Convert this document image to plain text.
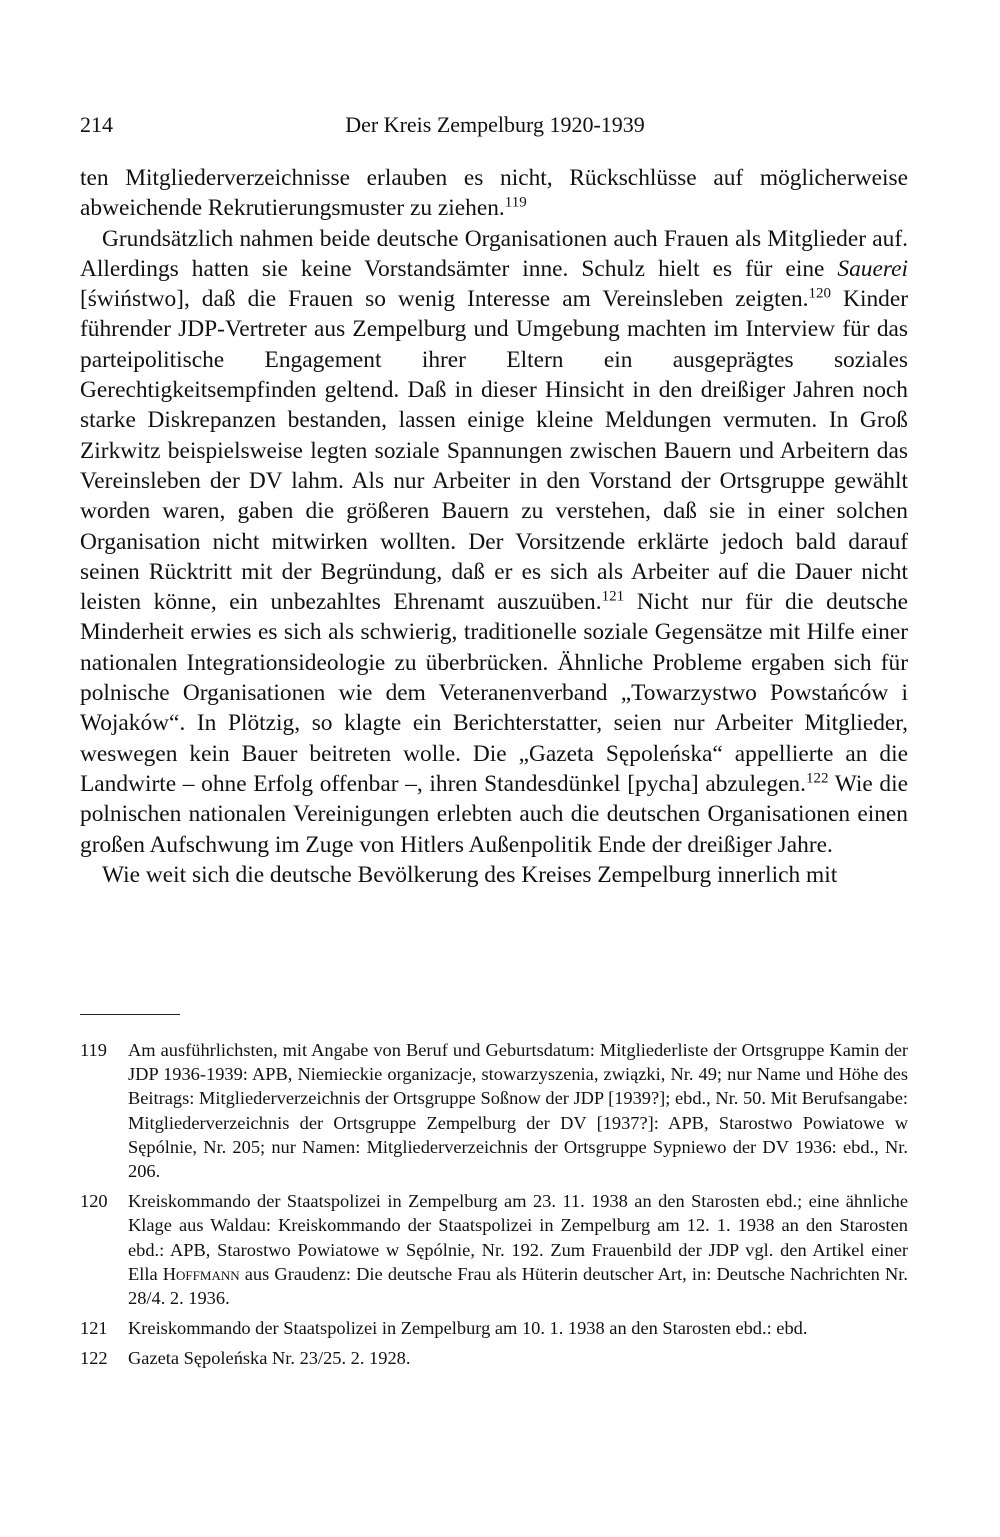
214	Der Kreis Zempelburg 1920-1939

ten Mitgliederverzeichnisse erlauben es nicht, Rückschlüsse auf möglicherweise abweichende Rekrutierungsmuster zu ziehen.$^{119}$

Grundsätzlich nahmen beide deutsche Organisationen auch Frauen als Mitglieder auf. Allerdings hatten sie keine Vorstandsämter inne. Schulz hielt es für eine Sauerei [świństwo], daß die Frauen so wenig Interesse am Vereinsleben zeigten.$^{120}$ Kinder führender JDP-Vertreter aus Zempelburg und Umgebung machten im Interview für das parteipolitische Engagement ihrer Eltern ein ausgeprägtes soziales Gerechtigkeitsempfinden geltend. Daß in dieser Hinsicht in den dreißiger Jahren noch starke Diskrepanzen bestanden, lassen einige kleine Meldungen vermuten. In Groß Zirkwitz beispielsweise legten soziale Spannungen zwischen Bauern und Arbeitern das Vereinsleben der DV lahm. Als nur Arbeiter in den Vorstand der Ortsgruppe gewählt worden waren, gaben die größeren Bauern zu verstehen, daß sie in einer solchen Organisation nicht mitwirken wollten. Der Vorsitzende erklärte jedoch bald darauf seinen Rücktritt mit der Begründung, daß er es sich als Arbeiter auf die Dauer nicht leisten könne, ein unbezahltes Ehrenamt auszuüben.$^{121}$ Nicht nur für die deutsche Minderheit erwies es sich als schwierig, traditionelle soziale Gegensätze mit Hilfe einer nationalen Integrationsideologie zu überbrücken. Ähnliche Probleme ergaben sich für polnische Organisationen wie dem Veteranenverband „Towarzystwo Powstańców i Wojaków“. In Plötzig, so klagte ein Berichterstatter, seien nur Arbeiter Mitglieder, weswegen kein Bauer beitreten wolle. Die „Gazeta Sępoleńska“ appellierte an die Landwirte – ohne Erfolg offenbar –, ihren Standesdünkel [pycha] abzulegen.$^{122}$ Wie die polnischen nationalen Vereinigungen erlebten auch die deutschen Organisationen einen großen Aufschwung im Zuge von Hitlers Außenpolitik Ende der dreißiger Jahre.

Wie weit sich die deutsche Bevölkerung des Kreises Zempelburg innerlich mit

119 Am ausführlichsten, mit Angabe von Beruf und Geburtsdatum: Mitgliederliste der Ortsgruppe Kamin der JDP 1936-1939: APB, Niemieckie organizacje, stowarzyszenia, związki, Nr. 49; nur Name und Höhe des Beitrags: Mitgliederverzeichnis der Ortsgruppe Soßnow der JDP [1939?]; ebd., Nr. 50. Mit Berufsangabe: Mitgliederverzeichnis der Ortsgruppe Zempelburg der DV [1937?]: APB, Starostwo Powiatowe w Sępólnie, Nr. 205; nur Namen: Mitgliederverzeichnis der Ortsgruppe Sypniewo der DV 1936: ebd., Nr. 206.
120 Kreiskommando der Staatspolizei in Zempelburg am 23. 11. 1938 an den Starosten ebd.; eine ähnliche Klage aus Waldau: Kreiskommando der Staatspolizei in Zempelburg am 12. 1. 1938 an den Starosten ebd.: APB, Starostwo Powiatowe w Sępólnie, Nr. 192. Zum Frauenbild der JDP vgl. den Artikel einer Ella Hoffmann aus Graudenz: Die deutsche Frau als Hüterin deutscher Art, in: Deutsche Nachrichten Nr. 28/4. 2. 1936.
121 Kreiskommando der Staatspolizei in Zempelburg am 10. 1. 1938 an den Starosten ebd.: ebd.
122 Gazeta Sępoleńska Nr. 23/25. 2. 1928.
